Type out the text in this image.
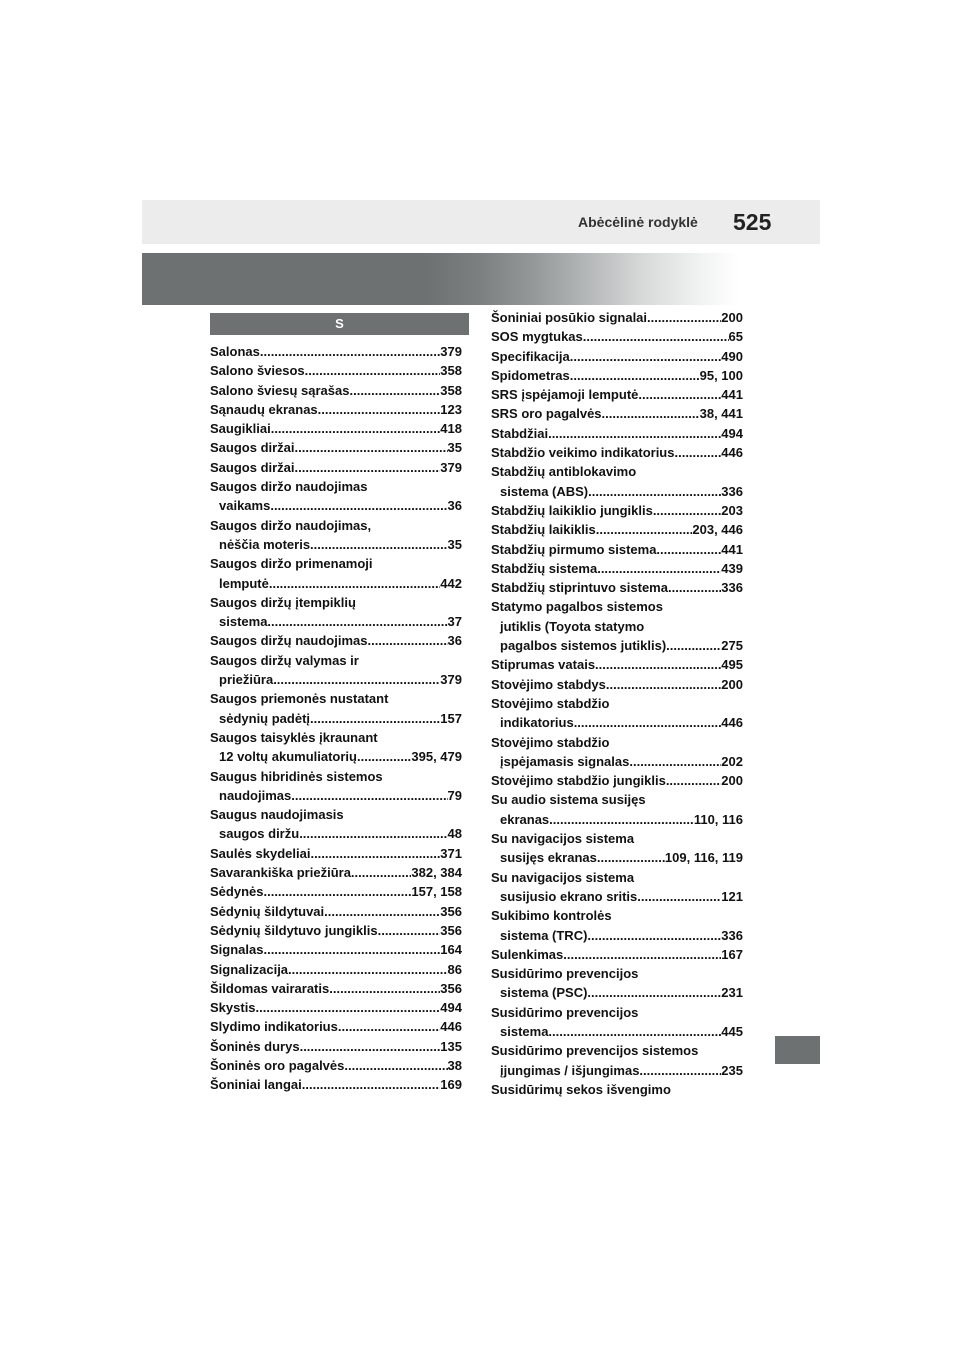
Abėcėlinė rodyklė 525
S
Salonas .....	379
Salono šviesos .....	358
Salono šviesų sąrašas .....	358
Sąnaudų ekranas .....	123
Saugikliai .....	418
Saugos diržai .....	35
Saugos diržai .....	379
Saugos diržo naudojimas
vaikams .....	36
Saugos diržo naudojimas,
nėščia moteris .....	35
Saugos diržo primenamoji
lemputė .....	442
Saugos diržų įtempiklių
sistema .....	37
Saugos diržų naudojimas .....	36
Saugos diržų valymas ir
priežiūra .....	379
Saugos priemonės nustatant
sėdynių padėtį .....	157
Saugos taisyklės įkraunant
12 voltų akumuliatorių .....	395, 479
Saugus hibridinės sistemos
naudojimas .....	79
Saugus naudojimasis
saugos diržu .....	48
Saulės skydeliai .....	371
Savarankiška priežiūra .....	382, 384
Sėdynės .....	157, 158
Sėdynių šildytuvai .....	356
Sėdynių šildytuvo jungiklis .....	356
Signalas .....	164
Signalizacija .....	86
Šildomas vairaratis .....	356
Skystis .....	494
Slydimo indikatorius .....	446
Šoninės durys .....	135
Šoninės oro pagalvės .....	38
Šoniniai langai .....	169
Šoniniai posūkio signalai .....	200
SOS mygtukas .....	65
Specifikacija .....	490
Spidometras .....	95, 100
SRS įspėjamoji lemputė .....	441
SRS oro pagalvės .....	38, 441
Stabdžiai .....	494
Stabdžio veikimo indikatorius .....	446
Stabdžių antiblokavimo
sistema (ABS) .....	336
Stabdžių laikiklio jungiklis .....	203
Stabdžių laikiklis .....	203, 446
Stabdžių pirmumo sistema .....	441
Stabdžių sistema .....	439
Stabdžių stiprintuvo sistema .....	336
Statymo pagalbos sistemos
jutiklis (Toyota statymo
pagalbos sistemos jutiklis) .....	275
Stiprumas vatais .....	495
Stovėjimo stabdys .....	200
Stovėjimo stabdžio
indikatorius .....	446
Stovėjimo stabdžio
įspėjamasis signalas .....	202
Stovėjimo stabdžio jungiklis .....	200
Su audio sistema susijęs
ekranas .....	110, 116
Su navigacijos sistema
susijęs ekranas .....	109, 116, 119
Su navigacijos sistema
susijusio ekrano sritis .....	121
Sukibimo kontrolės
sistema (TRC) .....	336
Sulenkimas .....	167
Susidūrimo prevencijos
sistema (PSC) .....	231
Susidūrimo prevencijos
sistema .....	445
Susidūrimo prevencijos sistemos
įjungimas / išjungimas .....	235
Susidūrimų sekos išvengimo
